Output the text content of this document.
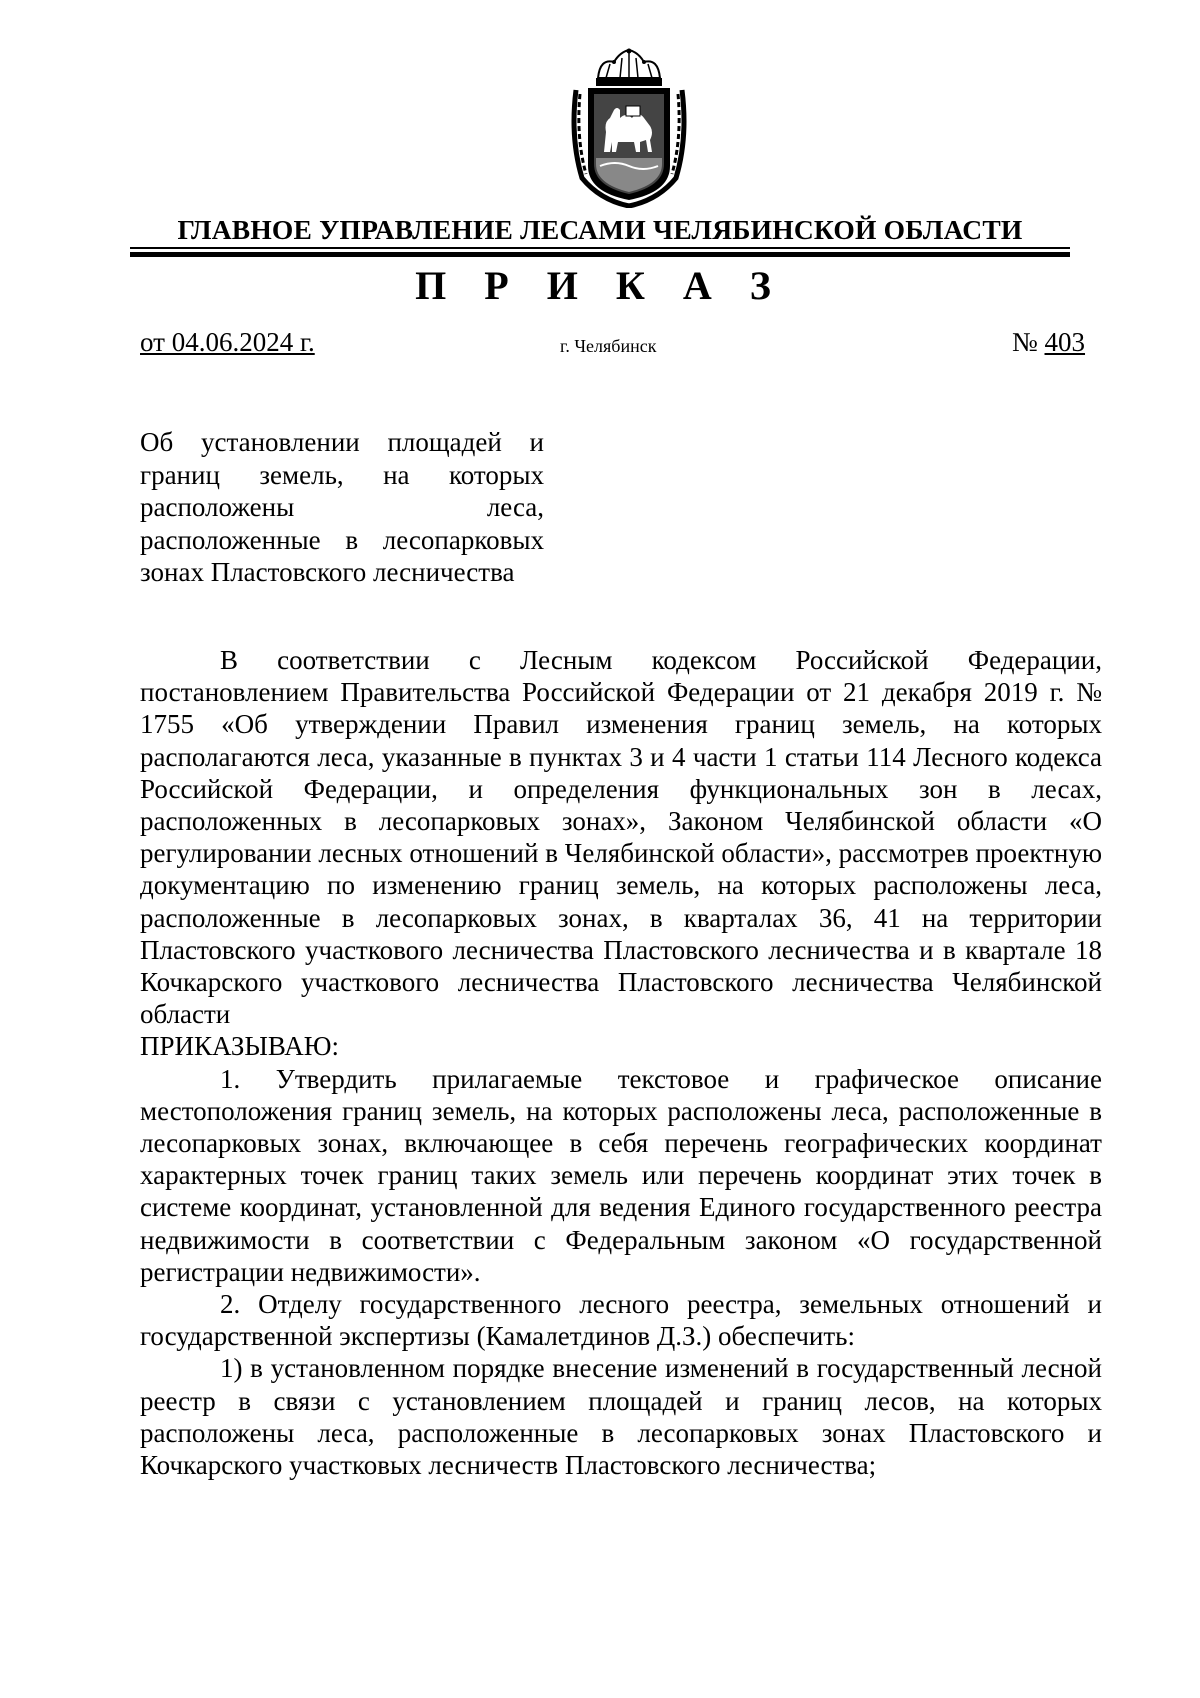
ГЛАВНОЕ УПРАВЛЕНИЕ ЛЕСАМИ ЧЕЛЯБИНСКОЙ ОБЛАСТИ
П Р И К А З
от 04.06.2024 г.	г. Челябинск	№ 403
Об установлении площадей и границ земель, на которых расположены леса, расположенные в лесопарковых зонах Пластовского лесничества

В соответствии с Лесным кодексом Российской Федерации, постановлением Правительства Российской Федерации от 21 декабря 2019 г. № 1755 «Об утверждении Правил изменения границ земель, на которых располагаются леса, указанные в пунктах 3 и 4 части 1 статьи 114 Лесного кодекса Российской Федерации, и определения функциональных зон в лесах, расположенных в лесопарковых зонах», Законом Челябинской области «О регулировании лесных отношений в Челябинской области», рассмотрев проектную документацию по изменению границ земель, на которых расположены леса, расположенные в лесопарковых зонах, в кварталах 36, 41 на территории Пластовского участкового лесничества Пластовского лесничества и в квартале 18 Кочкарского участкового лесничества Пластовского лесничества Челябинской области

ПРИКАЗЫВАЮ:

1. Утвердить прилагаемые текстовое и графическое описание местоположения границ земель, на которых расположены леса, расположенные в лесопарковых зонах, включающее в себя перечень географических координат характерных точек границ таких земель или перечень координат этих точек в системе координат, установленной для ведения Единого государственного реестра недвижимости в соответствии с Федеральным законом «О государственной регистрации недвижимости».

2. Отделу государственного лесного реестра, земельных отношений и государственной экспертизы (Камалетдинов Д.З.) обеспечить:

1) в установленном порядке внесение изменений в государственный лесной реестр в связи с установлением площадей и границ лесов, на которых расположены леса, расположенные в лесопарковых зонах Пластовского и Кочкарского участковых лесничеств Пластовского лесничества;
